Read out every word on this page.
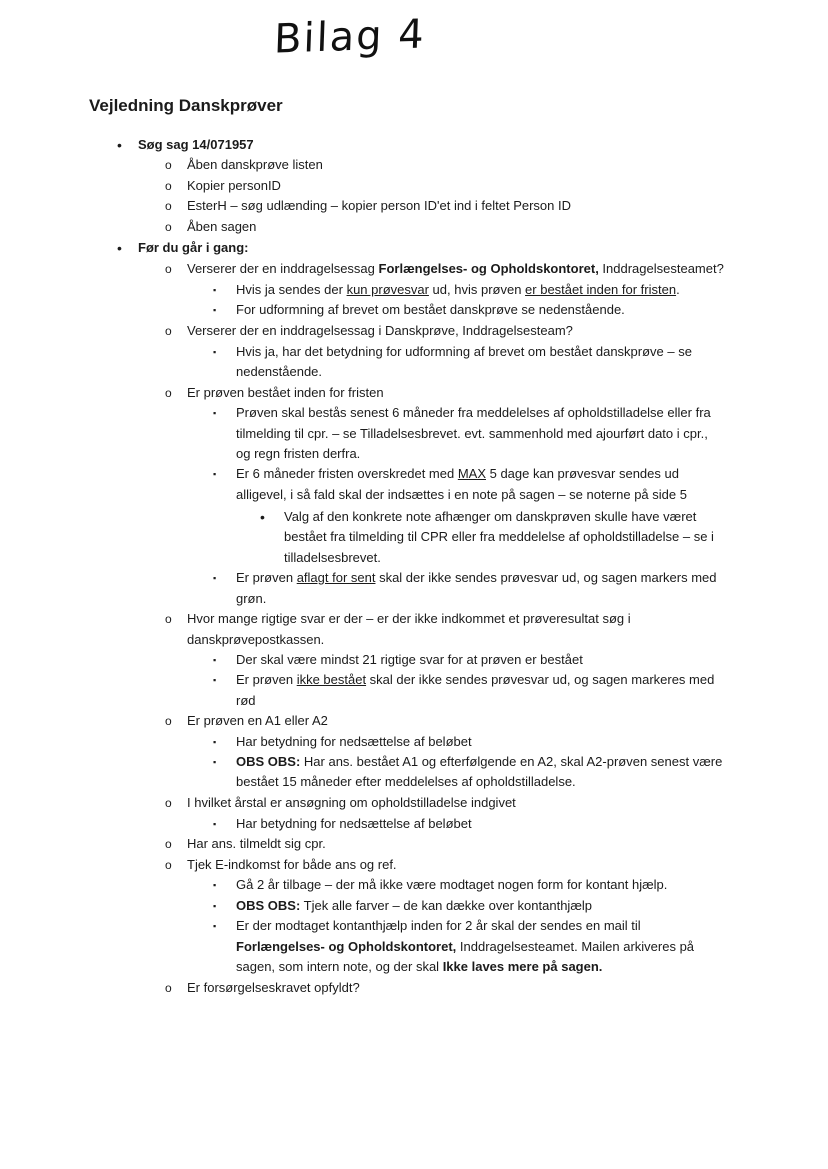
Bilag 4
Vejledning Danskprøver
• Søg sag 14/071957
o Åben danskprøve listen
o Kopier personID
o EsterH – søg udlænding – kopier person ID'et ind i feltet Person ID
o Åben sagen
• Før du går i gang:
o Verserer der en inddragelsessag Forlængelses- og Opholdskontoret, Inddragelsesteamet?
▪ Hvis ja sendes der kun prøvesvar ud, hvis prøven er bestået inden for fristen.
▪ For udformning af brevet om bestået danskprøve se nedenstående.
o Verserer der en inddragelsessag i Danskprøve, Inddragelsesteam?
▪ Hvis ja, har det betydning for udformning af brevet om bestået danskprøve – se
nedenstående.
o Er prøven bestået inden for fristen
▪ Prøven skal bestås senest 6 måneder fra meddelelses af opholdstilladelse eller fra
tilmelding til cpr. – se Tilladelsesbrevet. evt. sammenhold med ajourført dato i cpr.,
og regn fristen derfra.
▪ Er 6 måneder fristen overskredet med MAX 5 dage kan prøvesvar sendes ud
alligevel, i så fald skal der indsættes i en note på sagen – se noterne på side 5
• Valg af den konkrete note afhænger om danskprøven skulle have været
bestået fra tilmelding til CPR eller fra meddelelse af opholdstilladelse – se i
tilladelsesbrevet.
▪ Er prøven aflagt for sent skal der ikke sendes prøvesvar ud, og sagen markers med
grøn.
o Hvor mange rigtige svar er der – er der ikke indkommet et prøveresultat søg i
danskprøvepostkassen.
▪ Der skal være mindst 21 rigtige svar for at prøven er bestået
▪ Er prøven ikke bestået skal der ikke sendes prøvesvar ud, og sagen markeres med
rød
o Er prøven en A1 eller A2
▪ Har betydning for nedsættelse af beløbet
▪ OBS OBS: Har ans. bestået A1 og efterfølgende en A2, skal A2-prøven senest være
bestået 15 måneder efter meddelelses af opholdstilladelse.
o I hvilket årstal er ansøgning om opholdstilladelse indgivet
▪ Har betydning for nedsættelse af beløbet
o Har ans. tilmeldt sig cpr.
o Tjek E-indkomst for både ans og ref.
▪ Gå 2 år tilbage – der må ikke være modtaget nogen form for kontant hjælp.
▪ OBS OBS: Tjek alle farver – de kan dække over kontanthjælp
▪ Er der modtaget kontanthjælp inden for 2 år skal der sendes en mail til
Forlængelses- og Opholdskontoret, Inddragelsesteamet. Mailen arkiveres på
sagen, som intern note, og der skal Ikke laves mere på sagen.
o Er forsørgelseskravet opfyldt?
